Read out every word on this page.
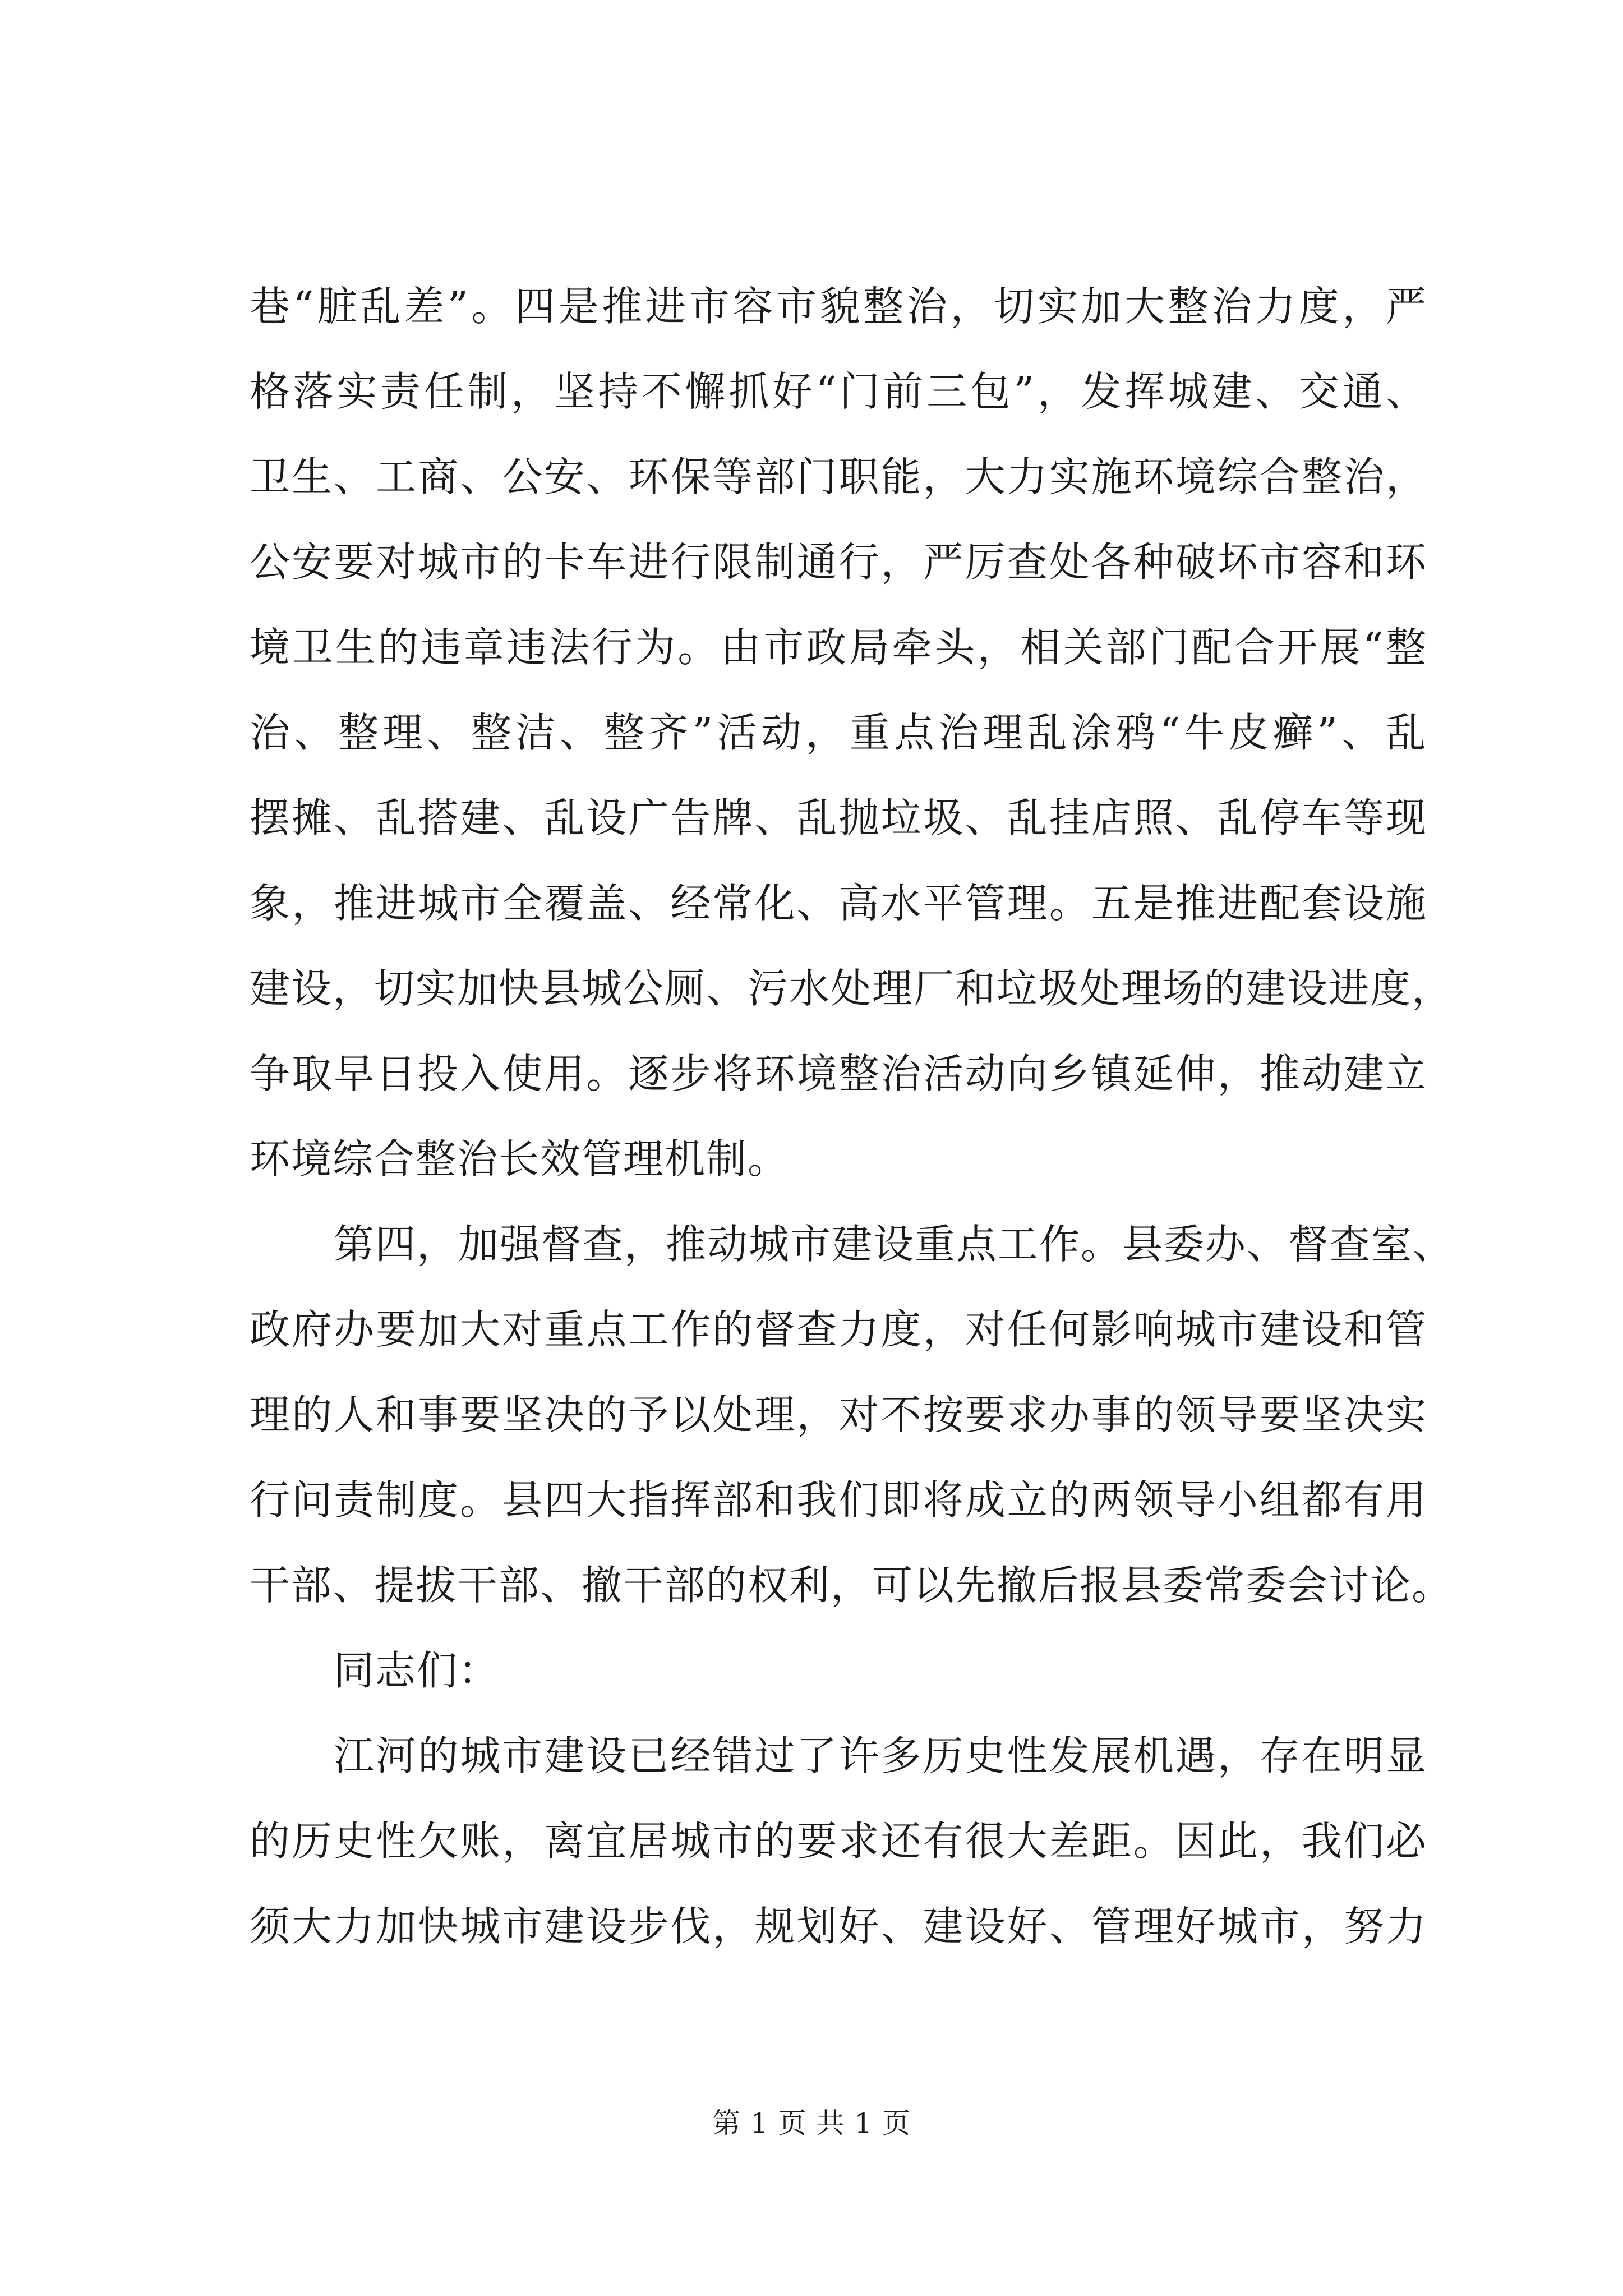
巷“脏乱差”。四是推进市容市貌整治，切实加大整治力度，严
格落实责任制，坚持不懈抓好“门前三包”，发挥城建、交通、
卫生、工商、公安、环保等部门职能，大力实施环境综合整治，
公安要对城市的卡车进行限制通行，严厉查处各种破坏市容和环
境卫生的违章违法行为。由市政局牵头，相关部门配合开展“整
治、整理、整洁、整齐”活动，重点治理乱涂鸦“牛皮癣”、乱
摆摊、乱搭建、乱设广告牌、乱抛垃圾、乱挂店照、乱停车等现
象，推进城市全覆盖、经常化、高水平管理。五是推进配套设施
建设，切实加快县城公厕、污水处理厂和垃圾处理场的建设进度，
争取早日投入使用。逐步将环境整治活动向乡镇延伸，推动建立
环境综合整治长效管理机制。
第四，加强督查，推动城市建设重点工作。县委办、督查室、
政府办要加大对重点工作的督查力度，对任何影响城市建设和管
理的人和事要坚决的予以处理，对不按要求办事的领导要坚决实
行问责制度。县四大指挥部和我们即将成立的两领导小组都有用
干部、提拔干部、撤干部的权利，可以先撤后报县委常委会讨论。
同志们：
江河的城市建设已经错过了许多历史性发展机遇，存在明显
的历史性欠账，离宜居城市的要求还有很大差距。因此，我们必
须大力加快城市建设步伐，规划好、建设好、管理好城市，努力
第 1 页 共 1 页
